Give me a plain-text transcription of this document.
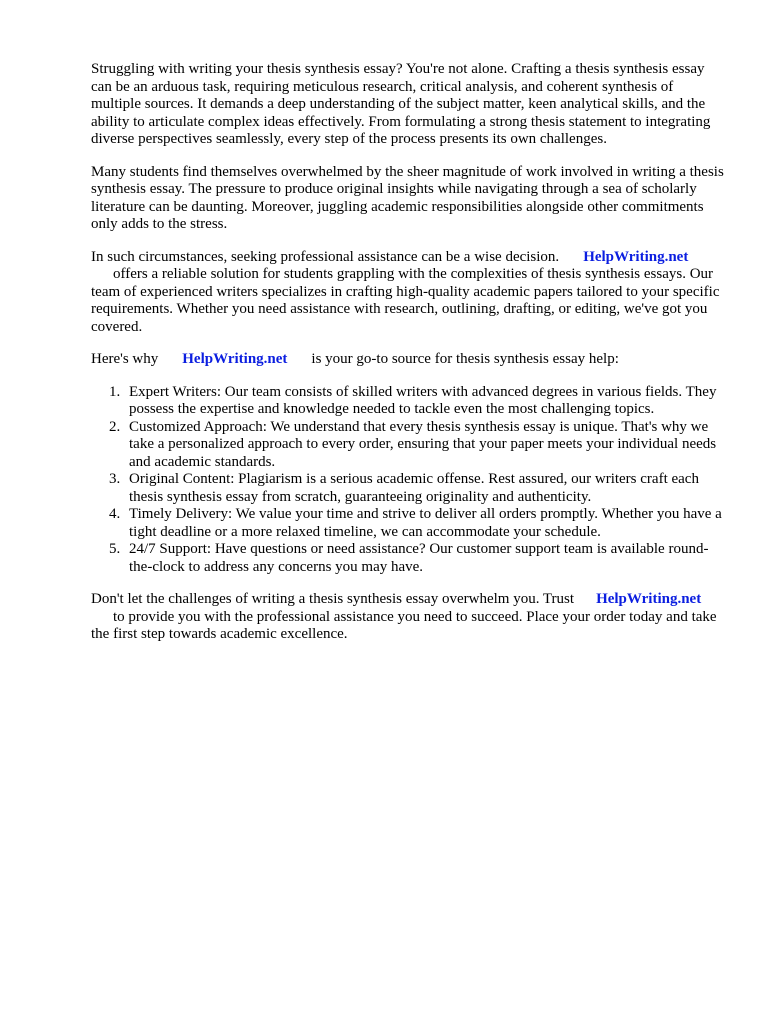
Struggling with writing your thesis synthesis essay? You're not alone. Crafting a thesis synthesis essay can be an arduous task, requiring meticulous research, critical analysis, and coherent synthesis of multiple sources. It demands a deep understanding of the subject matter, keen analytical skills, and the ability to articulate complex ideas effectively. From formulating a strong thesis statement to integrating diverse perspectives seamlessly, every step of the process presents its own challenges.

Many students find themselves overwhelmed by the sheer magnitude of work involved in writing a thesis synthesis essay. The pressure to produce original insights while navigating through a sea of scholarly literature can be daunting. Moreover, juggling academic responsibilities alongside other commitments only adds to the stress.

In such circumstances, seeking professional assistance can be a wise decision. HelpWriting.net
offers a reliable solution for students grappling with the complexities of thesis synthesis essays. Our team of experienced writers specializes in crafting high-quality academic papers tailored to your specific requirements. Whether you need assistance with research, outlining, drafting, or editing, we've got you covered.

Here's why HelpWriting.net is your go-to source for thesis synthesis essay help:

1. Expert Writers: Our team consists of skilled writers with advanced degrees in various fields. They possess the expertise and knowledge needed to tackle even the most challenging topics.
2. Customized Approach: We understand that every thesis synthesis essay is unique. That's why we take a personalized approach to every order, ensuring that your paper meets your individual needs and academic standards.
3. Original Content: Plagiarism is a serious academic offense. Rest assured, our writers craft each thesis synthesis essay from scratch, guaranteeing originality and authenticity.
4. Timely Delivery: We value your time and strive to deliver all orders promptly. Whether you have a tight deadline or a more relaxed timeline, we can accommodate your schedule.
5. 24/7 Support: Have questions or need assistance? Our customer support team is available round-the-clock to address any concerns you may have.

Don't let the challenges of writing a thesis synthesis essay overwhelm you. Trust HelpWriting.net
to provide you with the professional assistance you need to succeed. Place your order today and take the first step towards academic excellence.
